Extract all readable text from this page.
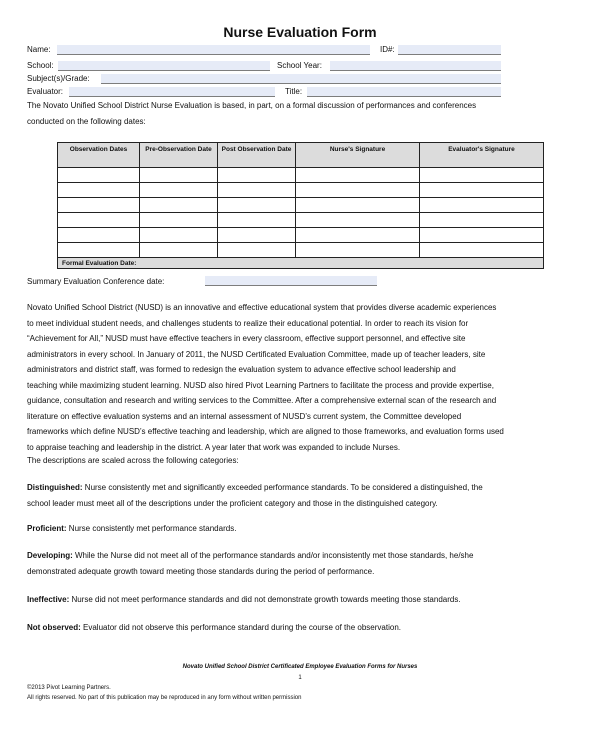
Nurse Evaluation Form
Name:	ID#:
School:	School Year:
Subject(s)/Grade:
Evaluator:	Title:
The Novato Unified School District Nurse Evaluation is based, in part, on a formal discussion of performances and conferences
conducted on the following dates:
Observation Dates	Pre-Observation Date	Post Observation Date	Nurse's Signature	Evaluator's Signature

Formal Evaluation Date:				
Summary Evaluation Conference date:
Novato Unified School District (NUSD) is an innovative and effective educational system that provides diverse academic experiences
to meet individual student needs, and challenges students to realize their educational potential. In order to reach its vision for
“Achievement for All,” NUSD must have effective teachers in every classroom, effective support personnel, and effective site
administrators in every school. In January of 2011, the NUSD Certificated Evaluation Committee, made up of teacher leaders, site
administrators and district staff, was formed to redesign the evaluation system to advance effective school leadership and
teaching while maximizing student learning. NUSD also hired Pivot Learning Partners to facilitate the process and provide expertise,
guidance, consultation and research and writing services to the Committee. After a comprehensive external scan of the research and
literature on effective evaluation systems and an internal assessment of NUSD’s current system, the Committee developed
frameworks which define NUSD’s effective teaching and leadership, which are aligned to those frameworks, and evaluation forms used
to appraise teaching and leadership in the district. A year later that work was expanded to include Nurses.
The descriptions are scaled across the following categories:
Distinguished: Nurse consistently met and significantly exceeded performance standards. To be considered a distinguished, the
school leader must meet all of the descriptions under the proficient category and those in the distinguished category.
Proficient: Nurse consistently met performance standards.
Developing: While the Nurse did not meet all of the performance standards and/or inconsistently met those standards, he/she
demonstrated adequate growth toward meeting those standards during the period of performance.
Ineffective: Nurse did not meet performance standards and did not demonstrate growth towards meeting those standards.
Not observed: Evaluator did not observe this performance standard during the course of the observation.
Novato Unified School District Certificated Employee Evaluation Forms for Nurses
1
©2013 Pivot Learning Partners.
All rights reserved. No part of this publication may be reproduced in any form without written permission
